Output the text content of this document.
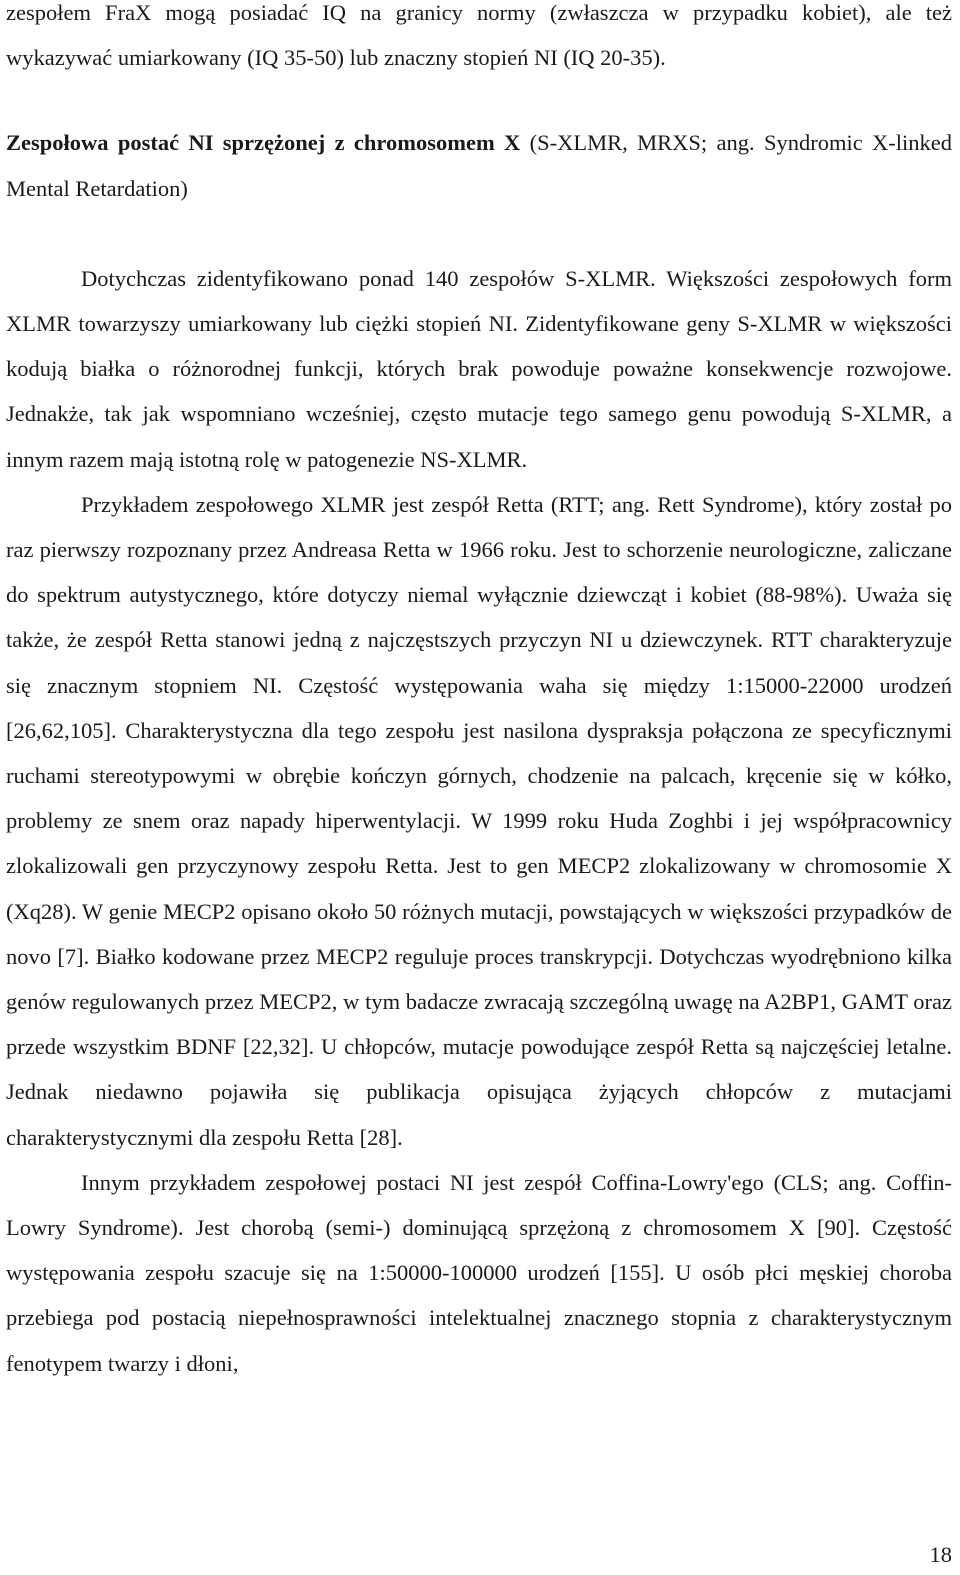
zespołem FraX mogą posiadać IQ na granicy normy (zwłaszcza w przypadku kobiet), ale też wykazywać umiarkowany (IQ 35-50) lub znaczny stopień NI (IQ 20-35).

Zespołowa postać NI sprzężonej z chromosomem X (S-XLMR, MRXS; ang. Syndromic X-linked Mental Retardation)

Dotychczas zidentyfikowano ponad 140 zespołów S-XLMR. Większości zespołowych form XLMR towarzyszy umiarkowany lub ciężki stopień NI. Zidentyfikowane geny S-XLMR w większości kodują białka o różnorodnej funkcji, których brak powoduje poważne konsekwencje rozwojowe. Jednakże, tak jak wspomniano wcześniej, często mutacje tego samego genu powodują S-XLMR, a innym razem mają istotną rolę w patogenezie NS-XLMR.

Przykładem zespołowego XLMR jest zespół Retta (RTT; ang. Rett Syndrome), który został po raz pierwszy rozpoznany przez Andreasa Retta w 1966 roku. Jest to schorzenie neurologiczne, zaliczane do spektrum autystycznego, które dotyczy niemal wyłącznie dziewcząt i kobiet (88-98%). Uważa się także, że zespół Retta stanowi jedną z najczęstszych przyczyn NI u dziewczynek. RTT charakteryzuje się znacznym stopniem NI. Częstość występowania waha się między 1:15000-22000 urodzeń [26,62,105]. Charakterystyczna dla tego zespołu jest nasilona dyspraksja połączona ze specyficznymi ruchami stereotypowymi w obrębie kończyn górnych, chodzenie na palcach, kręcenie się w kółko, problemy ze snem oraz napady hiperwentylacji. W 1999 roku Huda Zoghbi i jej współpracownicy zlokalizowali gen przyczynowy zespołu Retta. Jest to gen MECP2 zlokalizowany w chromosomie X (Xq28). W genie MECP2 opisano około 50 różnych mutacji, powstających w większości przypadków de novo [7]. Białko kodowane przez MECP2 reguluje proces transkrypcji. Dotychczas wyodrębniono kilka genów regulowanych przez MECP2, w tym badacze zwracają szczególną uwagę na A2BP1, GAMT oraz przede wszystkim BDNF [22,32]. U chłopców, mutacje powodujące zespół Retta są najczęściej letalne. Jednak niedawno pojawiła się publikacja opisująca żyjących chłopców z mutacjami charakterystycznymi dla zespołu Retta [28].

Innym przykładem zespołowej postaci NI jest zespół Coffina-Lowry'ego (CLS; ang. Coffin-Lowry Syndrome). Jest chorobą (semi-) dominującą sprzężoną z chromosomem X [90]. Częstość występowania zespołu szacuje się na 1:50000-100000 urodzeń [155]. U osób płci męskiej choroba przebiega pod postacią niepełnosprawności intelektualnej znacznego stopnia z charakterystycznym fenotypem twarzy i dłoni,

18
